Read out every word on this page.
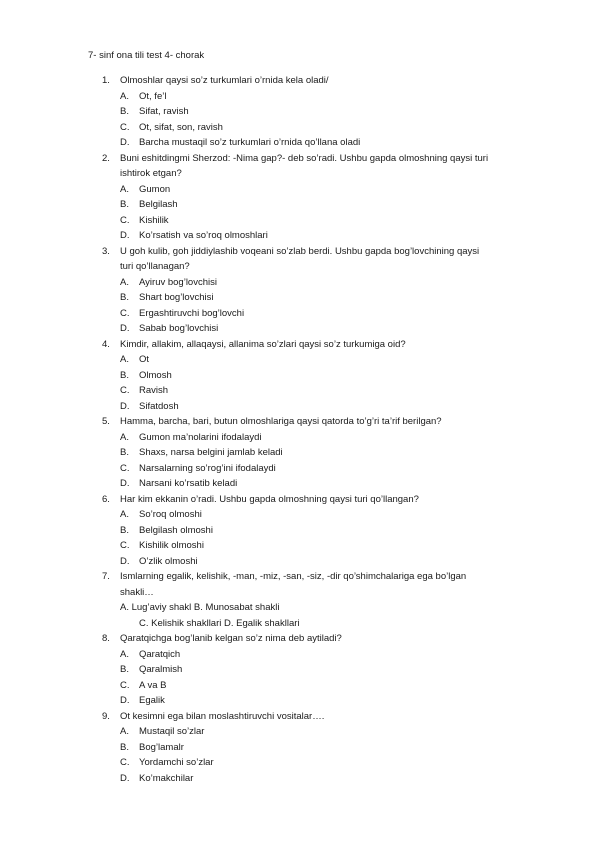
7- sinf ona tili test 4- chorak
1.	Olmoshlar qaysi so’z turkumlari o’rnida kela oladi/
A. Ot, fe’l
B. Sifat, ravish
C. Ot, sifat, son, ravish
D. Barcha mustaqil so’z turkumlari o’rnida qo’llana oladi
2.	Buni eshitdingmi Sherzod: -Nima gap?- deb so’radi. Ushbu gapda olmoshning qaysi turi ishtirok etgan?
A. Gumon
B. Belgilash
C. Kishilik
D. Ko’rsatish va so’roq olmoshlari
3.	U goh kulib, goh jiddiylashib voqeani so’zlab berdi. Ushbu gapda bog’lovchining qaysi turi qo’llanagan?
A. Ayiruv bog’lovchisi
B. Shart bog’lovchisi
C. Ergashtiruvchi bog’lovchi
D. Sabab bog’lovchisi
4.	Kimdir, allakim, allaqaysi, allanima so’zlari qaysi so’z turkumiga oid?
A. Ot
B. Olmosh
C. Ravish
D. Sifatdosh
5.	Hamma, barcha, bari, butun olmoshlariga qaysi qatorda to’g’ri ta’rif berilgan?
A. Gumon ma’nolarini ifodalaydi
B. Shaxs, narsa belgini jamlab keladi
C. Narsalarning so’rog’ini ifodalaydi
D. Narsani ko’rsatib keladi
6.	Har kim ekkanin o’radi. Ushbu gapda olmoshning qaysi turi qo’llangan?
A. So’roq olmoshi
B. Belgilash olmoshi
C. Kishilik olmoshi
D. O’zlik olmoshi
7.	Ismlarning egalik, kelishik, -man, -miz, -san, -siz, -dir qo’shimchalariga ega bo’lgan shakli…
A. Lug’aviy shakl B. Munosabat shakli
C. Kelishik shakllari D. Egalik shakllari
8.	Qaratqichga bog’lanib kelgan so’z nima deb aytiladi?
A. Qaratqich
B. Qaralmish
C. A va B
D. Egalik
9.	Ot kesimni ega bilan moslashtiruvchi vositalar….
A. Mustaqil so’zlar
B. Bog’lamalr
C. Yordamchi so’zlar
D. Ko’makchilar
